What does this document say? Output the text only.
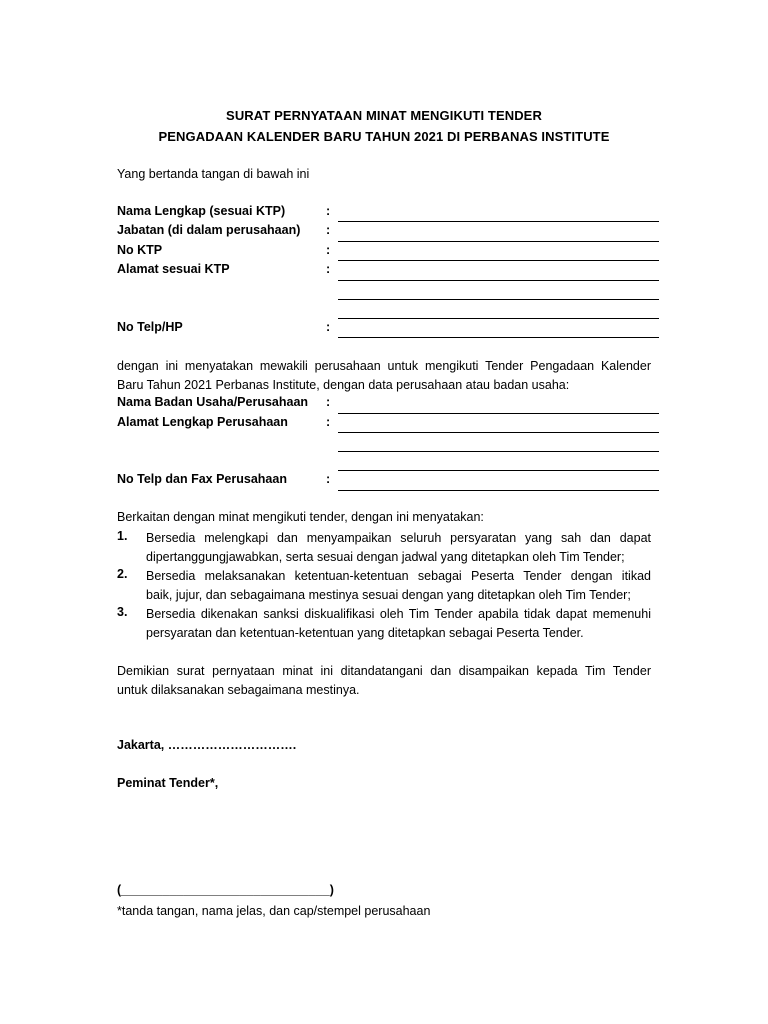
SURAT PERNYATAAN MINAT MENGIKUTI TENDER
PENGADAAN KALENDER BARU TAHUN 2021 DI PERBANAS INSTITUTE
Yang bertanda tangan di bawah ini
Nama Lengkap (sesuai KTP)	:
Jabatan (di dalam perusahaan) :
No KTP	:
Alamat sesuai KTP	:
No Telp/HP	:
dengan ini menyatakan mewakili perusahaan untuk mengikuti Tender Pengadaan Kalender
Baru Tahun 2021 Perbanas Institute, dengan data perusahaan atau badan usaha:
Nama Badan Usaha/Perusahaan :
Alamat Lengkap Perusahaan	:
No Telp dan Fax Perusahaan	:
Berkaitan dengan minat mengikuti tender, dengan ini menyatakan:
1. Bersedia melengkapi dan menyampaikan seluruh persyaratan yang sah dan dapat
dipertanggungjawabkan, serta sesuai dengan jadwal yang ditetapkan oleh Tim Tender;
2. Bersedia melaksanakan ketentuan-ketentuan sebagai Peserta Tender dengan itikad
baik, jujur, dan sebagaimana mestinya sesuai dengan yang ditetapkan oleh Tim Tender;
3. Bersedia dikenakan sanksi diskualifikasi oleh Tim Tender apabila tidak dapat memenuhi
persyaratan dan ketentuan-ketentuan yang ditetapkan sebagai Peserta Tender.
Demikian surat pernyataan minat ini ditandatangani dan disampaikan kepada Tim Tender
untuk dilaksanakan sebagaimana mestinya.
Jakarta, ………………………….
Peminat Tender*,
(______________________________)
*tanda tangan, nama jelas, dan cap/stempel perusahaan
